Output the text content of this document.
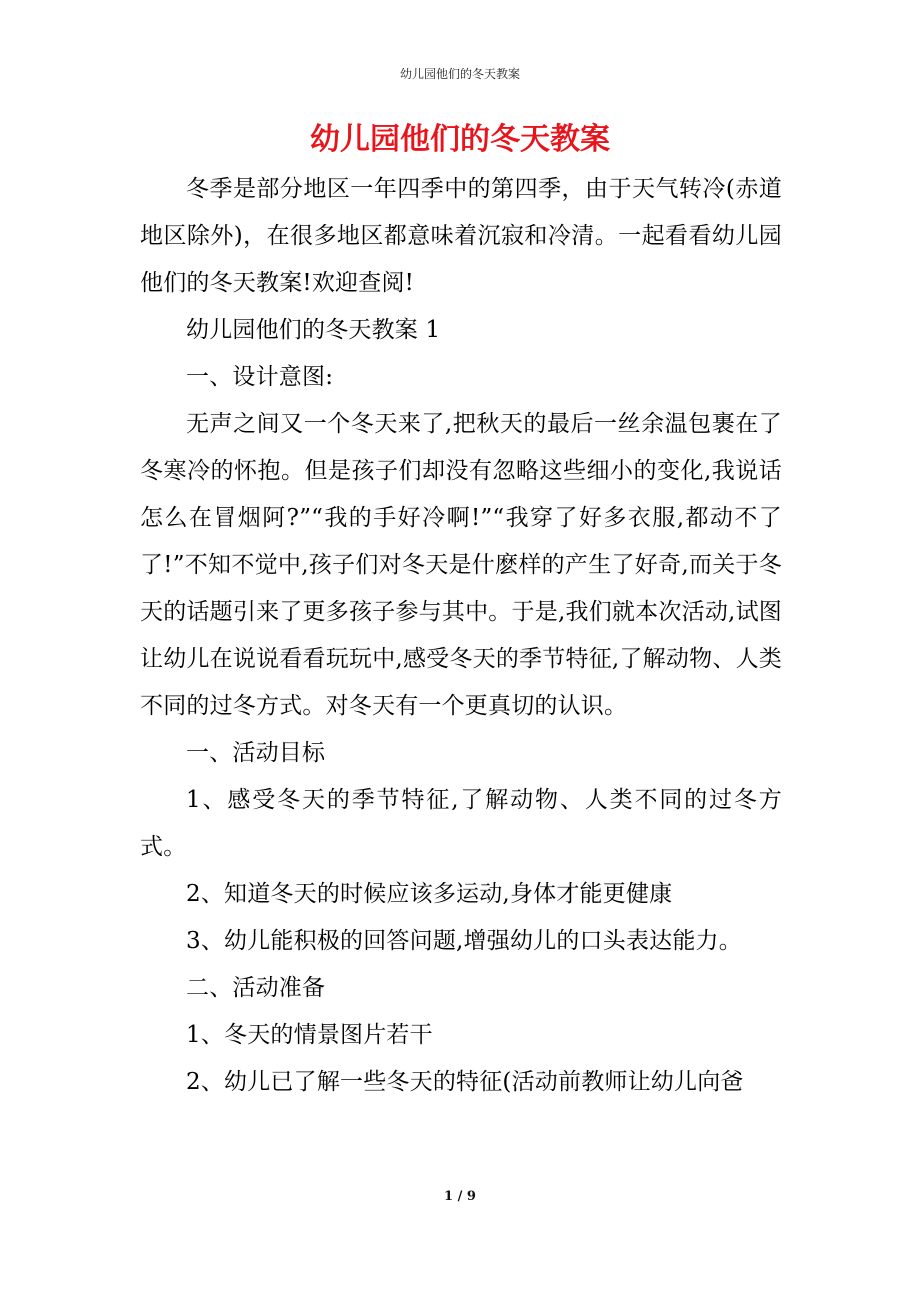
幼儿园他们的冬天教案
幼儿园他们的冬天教案

冬季是部分地区一年四季中的第四季，由于天气转冷(赤道地区除外)，在很多地区都意味着沉寂和冷清。一起看看幼儿园他们的冬天教案!欢迎查阅!

幼儿园他们的冬天教案 1

一、设计意图:

无声之间又一个冬天来了,把秋天的最后一丝余温包裹在了冬寒冷的怀抱。但是孩子们却没有忽略这些细小的变化,我说话怎么在冒烟阿?”“我的手好冷啊!”“我穿了好多衣服,都动不了了!”不知不觉中,孩子们对冬天是什麽样的产生了好奇,而关于冬天的话题引来了更多孩子参与其中。于是,我们就本次活动,试图让幼儿在说说看看玩玩中,感受冬天的季节特征,了解动物、人类不同的过冬方式。对冬天有一个更真切的认识。

一、活动目标

1、感受冬天的季节特征,了解动物、人类不同的过冬方式。

2、知道冬天的时候应该多运动,身体才能更健康

3、幼儿能积极的回答问题,增强幼儿的口头表达能力。

二、活动准备

1、冬天的情景图片若干

2、幼儿已了解一些冬天的特征(活动前教师让幼儿向爸

1 / 9
